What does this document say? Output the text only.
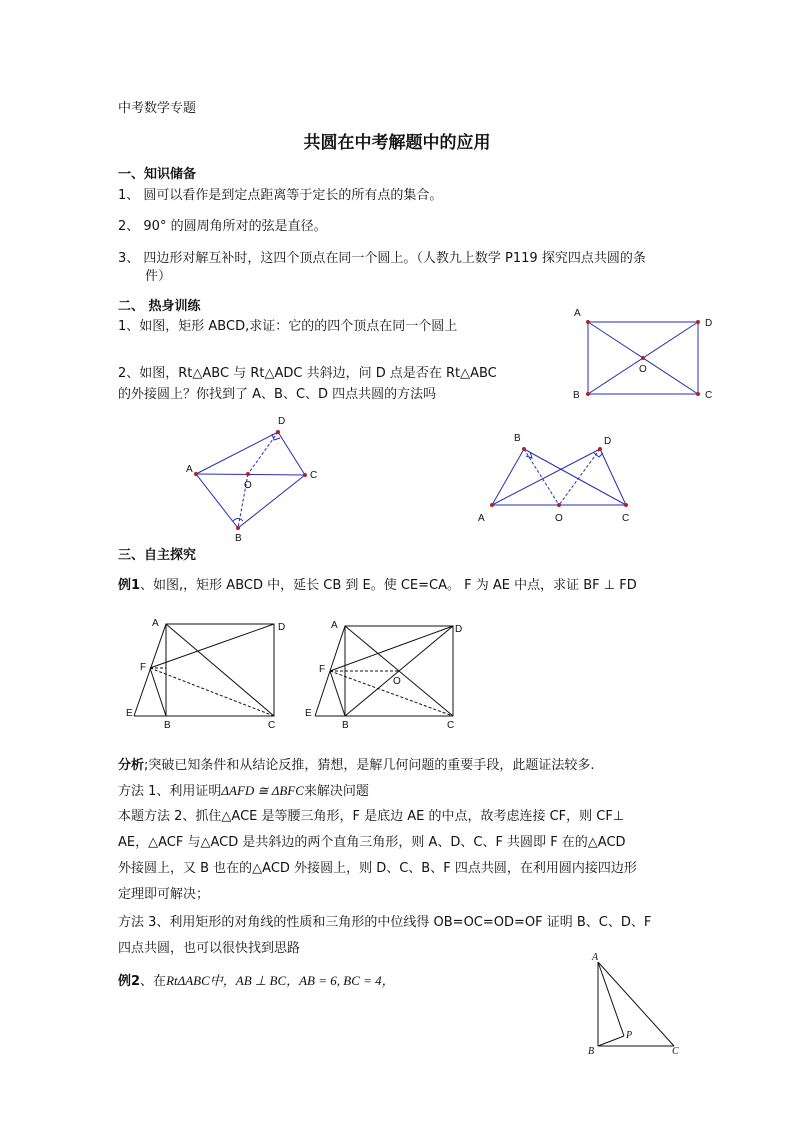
中考数学专题
共圆在中考解题中的应用
一、知识储备
1、 圆可以看作是到定点距离等于定长的所有点的集合。
2、 90° 的圆周角所对的弦是直径。
3、 四边形对解互补时，这四个顶点在同一个圆上。（人教九上数学 P119 探究四点共圆的条
件）
二、 热身训练
1、如图，矩形 ABCD,求证：它的的四个顶点在同一个圆上
2、如图，Rt△ABC 与 Rt△ADC 共斜边，问 D 点是否在 Rt△ABC
的外接圆上？你找到了 A、B、C、D 四点共圆的方法吗
A
D
B	C
O
A
D
C
B
O
A
B	D
C
O
三、自主探究
例1、如图,，矩形 ABCD 中，延长 CB 到 E。使 CE=CA。 F 为 AE 中点，求证 BF ⊥ FD
A	D
F
E
B	C
A	D
F
E
B	C
O
分析;突破已知条件和从结论反推，猜想，是解几何问题的重要手段，此题证法较多.
方法 1、利用证明ΔAFD ≅ ΔBFC来解决问题
本题方法 2、抓住△ACE 是等腰三角形，F 是底边 AE 的中点，故考虑连接 CF，则 CF⊥
AE，△ACF 与△ACD 是共斜边的两个直角三角形，则 A、D、C、F 共圆即 F 在的△ACD
外接圆上，又 B 也在的△ACD 外接圆上，则 D、C、B、F 四点共圆，在利用圆内接四边形
定理即可解决；
方法 3、利用矩形的对角线的性质和三角形的中位线得 OB=OC=OD=OF 证明 B、C、D、F
四点共圆，也可以很快找到思路
例2、在RtΔABC中，AB ⊥ BC，AB = 6, BC = 4，
A
B	C
P
